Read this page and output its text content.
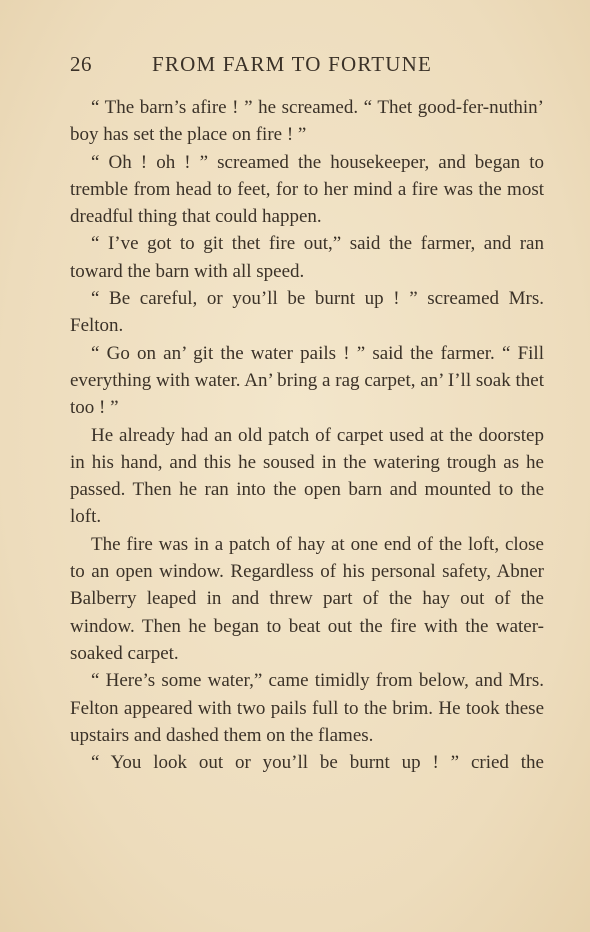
26	FROM FARM TO FORTUNE

“ The barn’s afire ! ” he screamed. “ Thet good-fer-nuthin’ boy has set the place on fire ! ”

“ Oh ! oh ! ” screamed the housekeeper, and began to tremble from head to feet, for to her mind a fire was the most dreadful thing that could happen.

“ I’ve got to git thet fire out,” said the farmer, and ran toward the barn with all speed.

“ Be careful, or you’ll be burnt up ! ” screamed Mrs. Felton.

“ Go on an’ git the water pails ! ” said the farmer. “ Fill everything with water. An’ bring a rag carpet, an’ I’ll soak thet too ! ”

He already had an old patch of carpet used at the doorstep in his hand, and this he soused in the watering trough as he passed. Then he ran into the open barn and mounted to the loft.

The fire was in a patch of hay at one end of the loft, close to an open window. Regardless of his personal safety, Abner Balberry leaped in and threw part of the hay out of the window. Then he began to beat out the fire with the water-soaked carpet.

“ Here’s some water,” came timidly from below, and Mrs. Felton appeared with two pails full to the brim. He took these upstairs and dashed them on the flames.

“ You look out or you’ll be burnt up ! ” cried the
